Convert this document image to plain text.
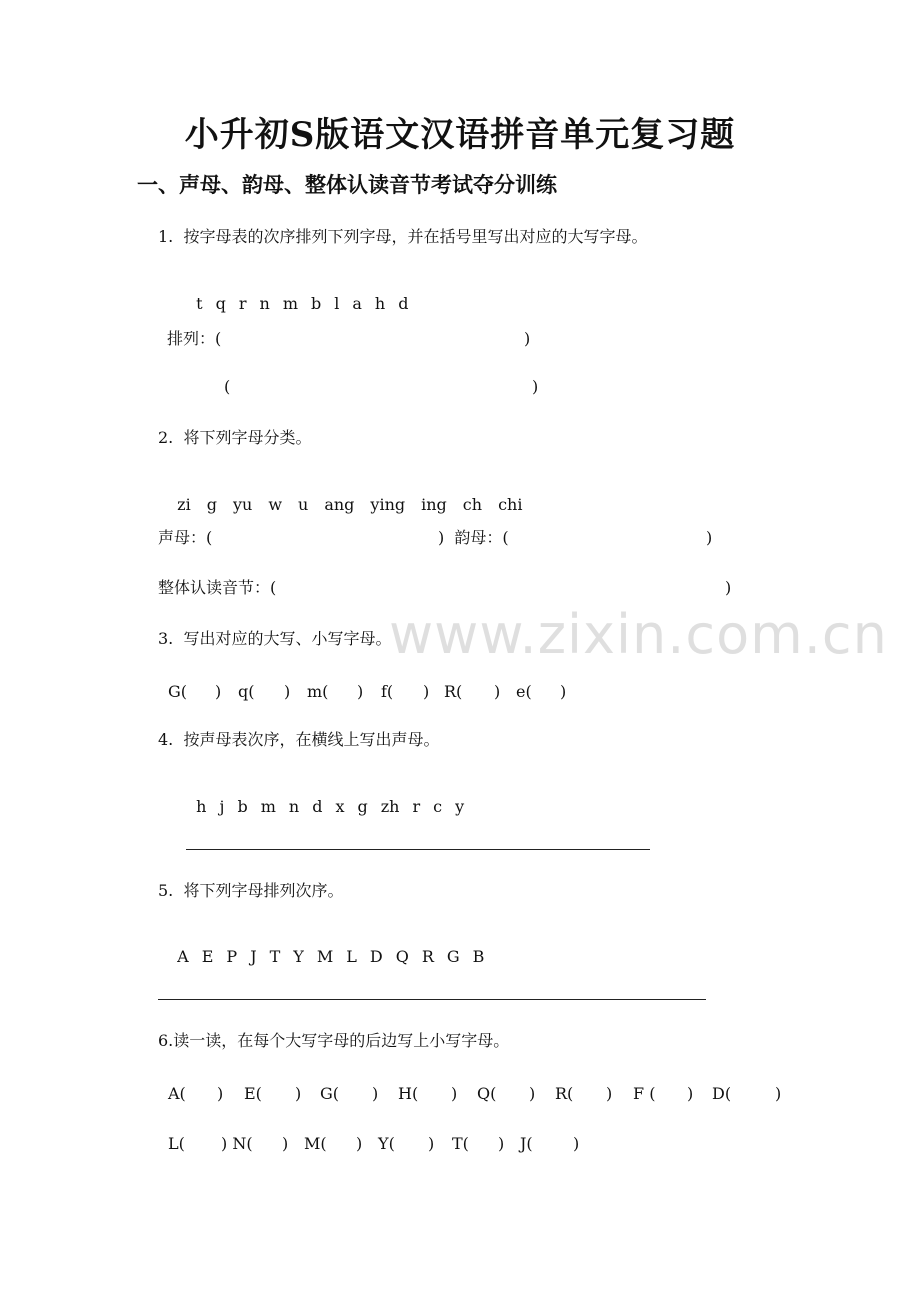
小升初S版语文汉语拼音单元复习题
一、声母、韵母、整体认读音节考试夺分训练
1.  按字母表的次序排列下列字母，并在括号里写出对应的大写字母。

t q r n m b l a h d

排列：(	)
(	)
2.  将下列字母分类。

zi g yu w u ang ying ing ch chi

声母：(	)  韵母：(	)
整体认读音节：(	)
www.zixin.com.cn
3.  写出对应的大写、小写字母。
G( ) q( ) m( ) f( ) R( ) e( )
4.  按声母表次序，在横线上写出声母。

h j b m n d x g zh r c y

5.  将下列字母排列次序。

A E P J T Y M L D Q R G B

6.读一读，在每个大写字母的后边写上小写字母。
A( ) E( ) G( ) H( ) Q( ) R( ) F ( ) D(	)
L( ) N( ) M( ) Y( ) T( ) J(	)
